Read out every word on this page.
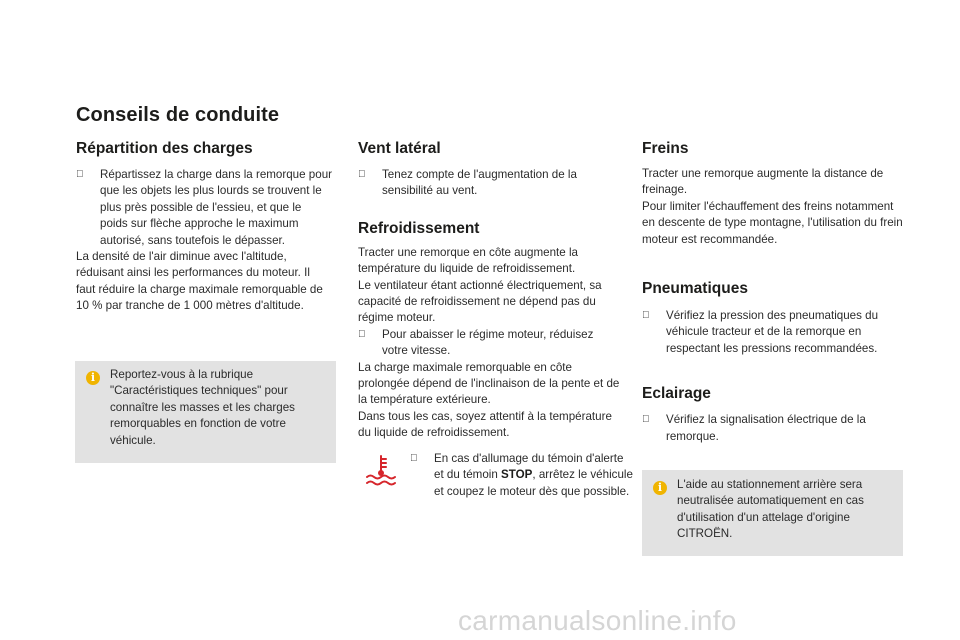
Conseils de conduite
Répartition des charges
Répartissez la charge dans la remorque pour que les objets les plus lourds se trouvent le plus près possible de l'essieu, et que le poids sur flèche approche le maximum autorisé, sans toutefois le dépasser.

La densité de l'air diminue avec l'altitude, réduisant ainsi les performances du moteur. Il faut réduire la charge maximale remorquable de 10 % par tranche de 1 000 mètres d'altitude.

i	Reportez-vous à la rubrique "Caractéristiques techniques" pour connaître les masses et les charges remorquables en fonction de votre véhicule.
Vent latéral
Tenez compte de l'augmentation de la sensibilité au vent.
Refroidissement

Tracter une remorque en côte augmente la température du liquide de refroidissement.

Le ventilateur étant actionné électriquement, sa capacité de refroidissement ne dépend pas du régime moteur.

Pour abaisser le régime moteur, réduisez votre vitesse.

La charge maximale remorquable en côte prolongée dépend de l'inclinaison de la pente et de la température extérieure.

Dans tous les cas, soyez attentif à la température du liquide de refroidissement.

En cas d'allumage du témoin d'alerte et du témoin STOP, arrêtez le véhicule et coupez le moteur dès que possible.
Freins

Tracter une remorque augmente la distance de freinage.

Pour limiter l'échauffement des freins notamment en descente de type montagne, l'utilisation du frein moteur est recommandée.

Pneumatiques
Vérifiez la pression des pneumatiques du véhicule tracteur et de la remorque en respectant les pressions recommandées.
Eclairage
Vérifiez la signalisation électrique de la remorque.
i	L'aide au stationnement arrière sera neutralisée automatiquement en cas d'utilisation d'un attelage d'origine CITROËN.
carmanualsonline.info
